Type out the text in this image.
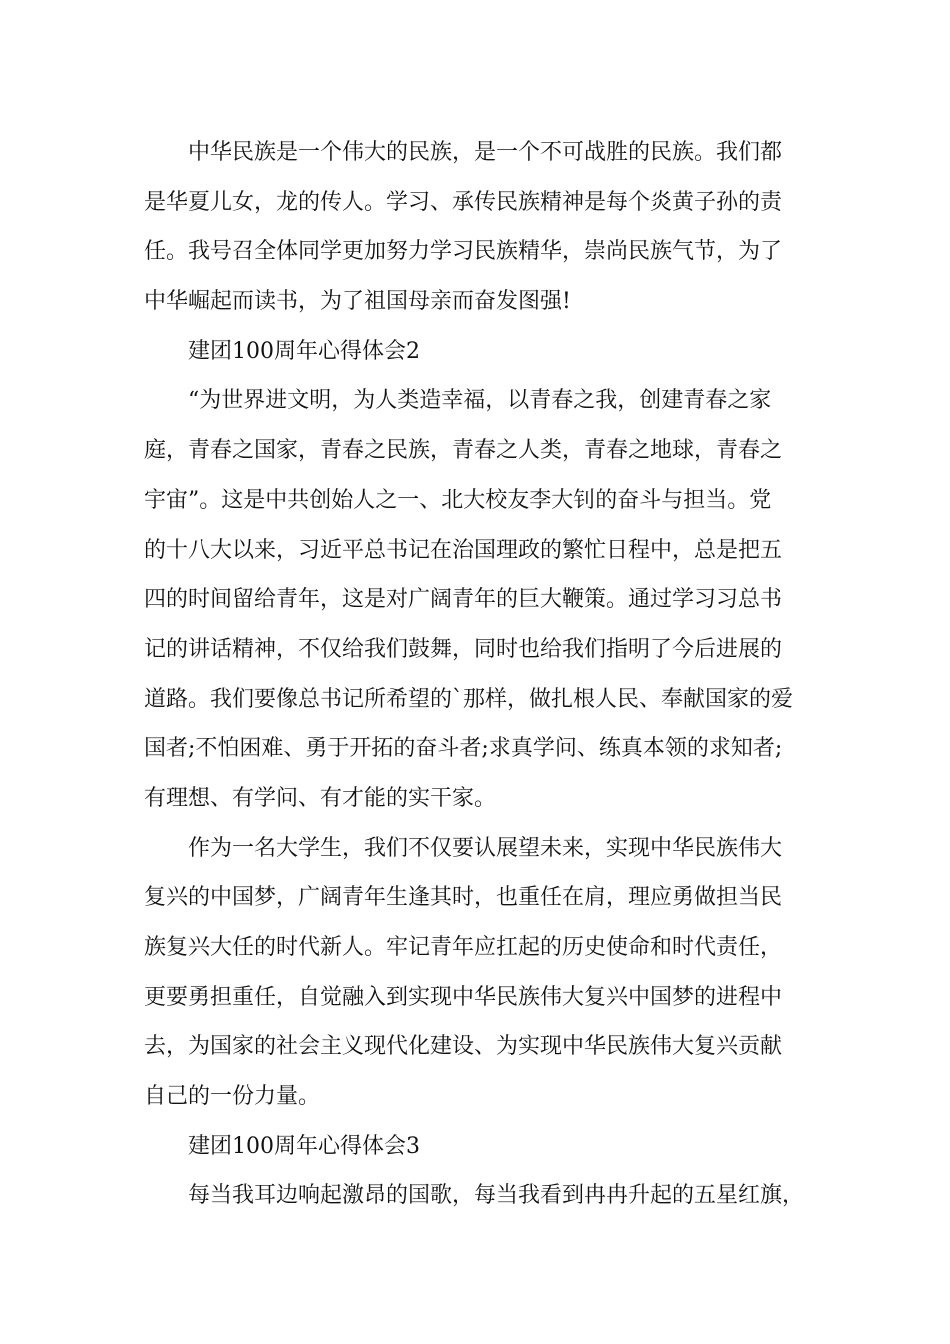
中华民族是一个伟大的民族，是一个不可战胜的民族。我们都
是华夏儿女，龙的传人。学习、承传民族精神是每个炎黄子孙的责
任。我号召全体同学更加努力学习民族精华，崇尚民族气节，为了
中华崛起而读书，为了祖国母亲而奋发图强!
建团100周年心得体会2
“为世界进文明，为人类造幸福，以青春之我，创建青春之家
庭，青春之国家，青春之民族，青春之人类，青春之地球，青春之
宇宙”。这是中共创始人之一、北大校友李大钊的奋斗与担当。党
的十八大以来，习近平总书记在治国理政的繁忙日程中，总是把五
四的时间留给青年，这是对广阔青年的巨大鞭策。通过学习习总书
记的讲话精神，不仅给我们鼓舞，同时也给我们指明了今后进展的
道路。我们要像总书记所希望的`那样，做扎根人民、奉献国家的爱
国者;不怕困难、勇于开拓的奋斗者;求真学问、练真本领的求知者;
有理想、有学问、有才能的实干家。
作为一名大学生，我们不仅要认展望未来，实现中华民族伟大
复兴的中国梦，广阔青年生逢其时，也重任在肩，理应勇做担当民
族复兴大任的时代新人。牢记青年应扛起的历史使命和时代责任，
更要勇担重任，自觉融入到实现中华民族伟大复兴中国梦的进程中
去，为国家的社会主义现代化建设、为实现中华民族伟大复兴贡献
自己的一份力量。
建团100周年心得体会3
每当我耳边响起激昂的国歌，每当我看到冉冉升起的五星红旗，
